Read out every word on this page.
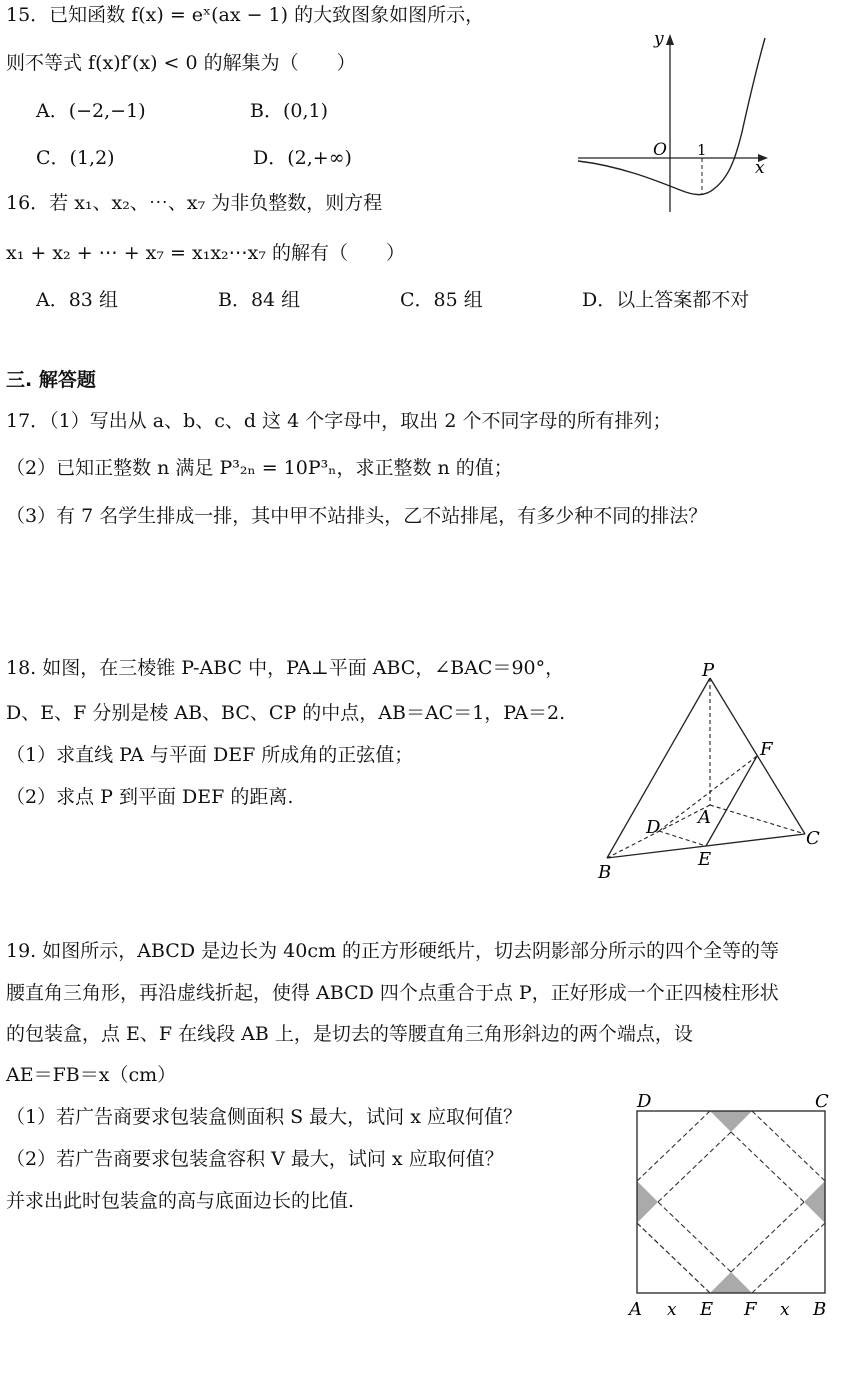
15．已知函数 f(x) = eˣ(ax − 1) 的大致图象如图所示，
则不等式 f(x)f′(x) < 0 的解集为（　　）
A．(−2,−1)	B．(0,1)
C．(1,2)	D．(2,+∞)
y
x
O 1
16．若 x₁、x₂、⋯、x₇ 为非负整数，则方程
x₁ + x₂ + ⋯ + x₇ = x₁x₂⋯x₇ 的解有（　　）
A．83 组	B．84 组	C．85 组	D．以上答案都不对
三. 解答题
17．（1）写出从 a、b、c、d 这 4 个字母中，取出 2 个不同字母的所有排列；
（2）已知正整数 n 满足 P³₂ₙ = 10P³ₙ，求正整数 n 的值；
（3）有 7 名学生排成一排，其中甲不站排头，乙不站排尾，有多少种不同的排法？
18. 如图，在三棱锥 P-ABC 中，PA⊥平面 ABC，∠BAC＝90°，
D、E、F 分别是棱 AB、BC、CP 的中点，AB＝AC＝1，PA＝2.
（1）求直线 PA 与平面 DEF 所成角的正弦值；
（2）求点 P 到平面 DEF 的距离.
P
F
A
D
C
E
B
19. 如图所示，ABCD 是边长为 40cm 的正方形硬纸片，切去阴影部分所示的四个全等的等
腰直角三角形，再沿虚线折起，使得 ABCD 四个点重合于点 P，正好形成一个正四棱柱形状
的包装盒，点 E、F 在线段 AB 上，是切去的等腰直角三角形斜边的两个端点，设
AE＝FB＝x（cm）
（1）若广告商要求包装盒侧面积 S 最大，试问 x 应取何值？
（2）若广告商要求包装盒容积 V 最大，试问 x 应取何值？
并求出此时包装盒的高与底面边长的比值.
D	C
A x E F x B
